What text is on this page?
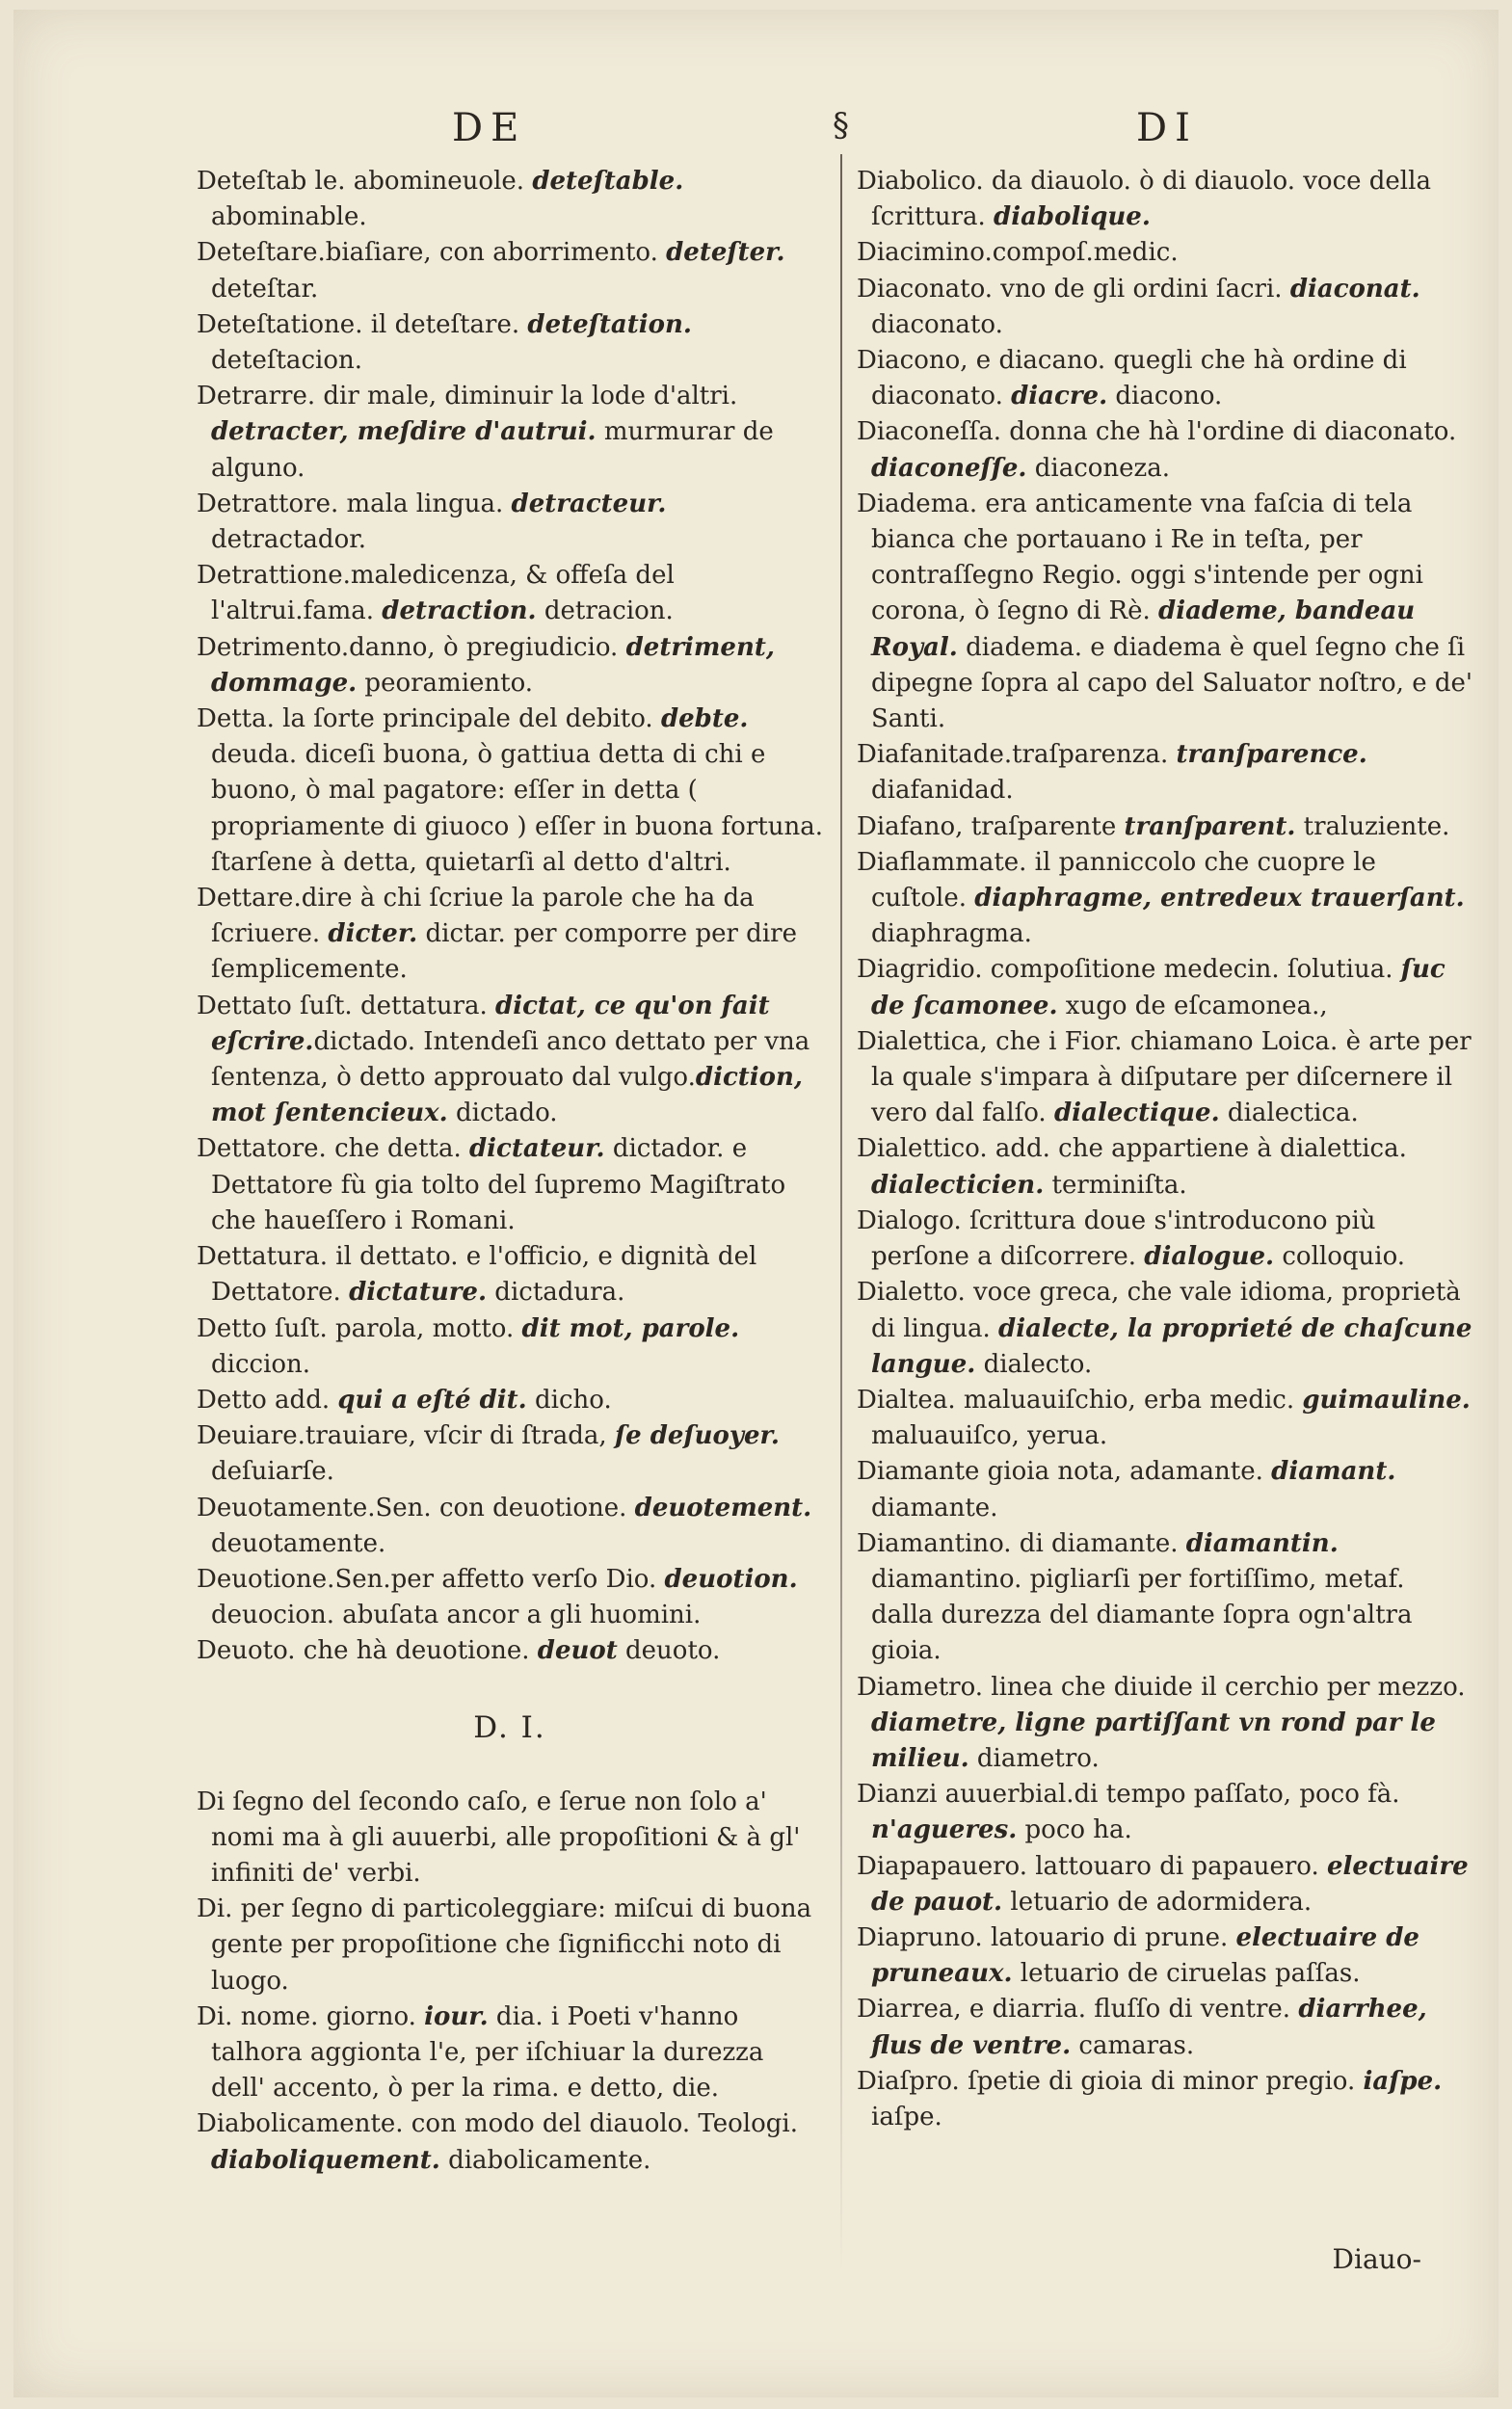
DE	§	DI
Deteſtab le. abomineuole. deteſtable. abominable.
Deteſtare.biaſiare, con aborrimento. deteſter. deteſtar.
Deteſtatione. il deteſtare. deteſtation. deteſtacion.
Detrarre. dir male, diminuir la lode d'altri. detracter, meſdire d'autrui. murmurar de alguno.
Detrattore. mala lingua. detracteur. detractador.
Detrattione.maledicenza, & offeſa del l'altrui.fama. detraction. detracion.
Detrimento.danno, ò pregiudicio. detriment, dommage. peoramiento.
Detta. la ſorte principale del debito. debte. deuda. diceſi buona, ò gattiua detta di chi e buono, ò mal pagatore: eſſer in detta ( propriamente di giuoco ) eſſer in buona fortuna. ſtarſene à detta, quietarſi al detto d'altri.
Dettare.dire à chi ſcriue la parole che ha da ſcriuere. dicter. dictar. per comporre per dire ſemplicemente.
Dettato ſuſt. dettatura. dictat, ce qu'on fait eſcrire.dictado. Intendeſi anco dettato per vna ſentenza, ò detto approuato dal vulgo.diction, mot ſentencieux. dictado.
Dettatore. che detta. dictateur. dictador. e Dettatore fù gia tolto del ſupremo Magiſtrato che haueſſero i Romani.
Dettatura. il dettato. e l'officio, e dignità del Dettatore. dictature. dictadura.
Detto ſuſt. parola, motto. dit mot, parole. diccion.
Detto add. qui a eſté dit. dicho.
Deuiare.trauiare, vſcir di ſtrada, ſe deſuoyer. deſuiarſe.
Deuotamente.Sen. con deuotione. deuotement. deuotamente.
Deuotione.Sen.per affetto verſo Dio. deuotion. deuocion. abuſata ancor a gli huomini.
Deuoto. che hà deuotione. deuot deuoto.
D. I.
Di ſegno del ſecondo caſo, e ſerue non ſolo a' nomi ma à gli auuerbi, alle propoſitioni & à gl' infiniti de' verbi.
Di. per ſegno di particoleggiare: miſcui di buona gente per propoſitione che ſignificchi noto di luogo.
Di. nome. giorno. iour. dia. i Poeti v'hanno talhora aggionta l'e, per iſchiuar la durezza dell' accento, ò per la rima. e detto, die.
Diabolicamente. con modo del diauolo. Teologi. diaboliquement. diabolicamente.
Diabolico. da diauolo. ò di diauolo. voce della ſcrittura. diabolique.
Diacimino.compoſ.medic.
Diaconato. vno de gli ordini ſacri. diaconat. diaconato.
Diacono, e diacano. quegli che hà ordine di diaconato. diacre. diacono.
Diaconeſſa. donna che hà l'ordine di diaconato. diaconeſſe. diaconeza.
Diadema. era anticamente vna faſcia di tela bianca che portauano i Re in teſta, per contraſſegno Regio. oggi s'intende per ogni corona, ò ſegno di Rè. diademe, bandeau Royal. diadema. e diadema è quel ſegno che ſi dipegne ſopra al capo del Saluator noſtro, e de' Santi.
Diafanitade.traſparenza. tranſparence. diafanidad.
Diafano, traſparente tranſparent. traluziente.
Diaflammate. il panniccolo che cuopre le cuſtole. diaphragme, entredeux trauerſant. diaphragma.
Diagridio. compoſitione medecin. ſolutiua. ſuc de ſcamonee. xugo de eſcamonea.,
Dialettica, che i Fior. chiamano Loica. è arte per la quale s'impara à diſputare per diſcernere il vero dal falſo. dialectique. dialectica.
Dialettico. add. che appartiene à dialettica. dialecticien. terminiſta.
Dialogo. ſcrittura doue s'introducono più perſone a diſcorrere. dialogue. colloquio.
Dialetto. voce greca, che vale idioma, proprietà di lingua. dialecte, la proprieté de chaſcune langue. dialecto.
Dialtea. maluauiſchio, erba medic. guimauline. maluauiſco, yerua.
Diamante gioia nota, adamante. diamant. diamante.
Diamantino. di diamante. diamantin. diamantino. pigliarſi per fortiſſimo, metaf. dalla durezza del diamante ſopra ogn'altra gioia.
Diametro. linea che diuide il cerchio per mezzo. diametre, ligne partiſſant vn rond par le milieu. diametro.
Dianzi auuerbial.di tempo paſſato, poco fà. n'agueres. poco ha.
Diapapauero. lattouaro di papauero. electuaire de pauot. letuario de adormidera.
Diapruno. latouario di prune. electuaire de pruneaux. letuario de ciruelas paſſas.
Diarrea, e diarria. fluſſo di ventre. diarrhee, flus de ventre. camaras.
Diaſpro. ſpetie di gioia di minor pregio. iaſpe. iaſpe.
Diauo-
